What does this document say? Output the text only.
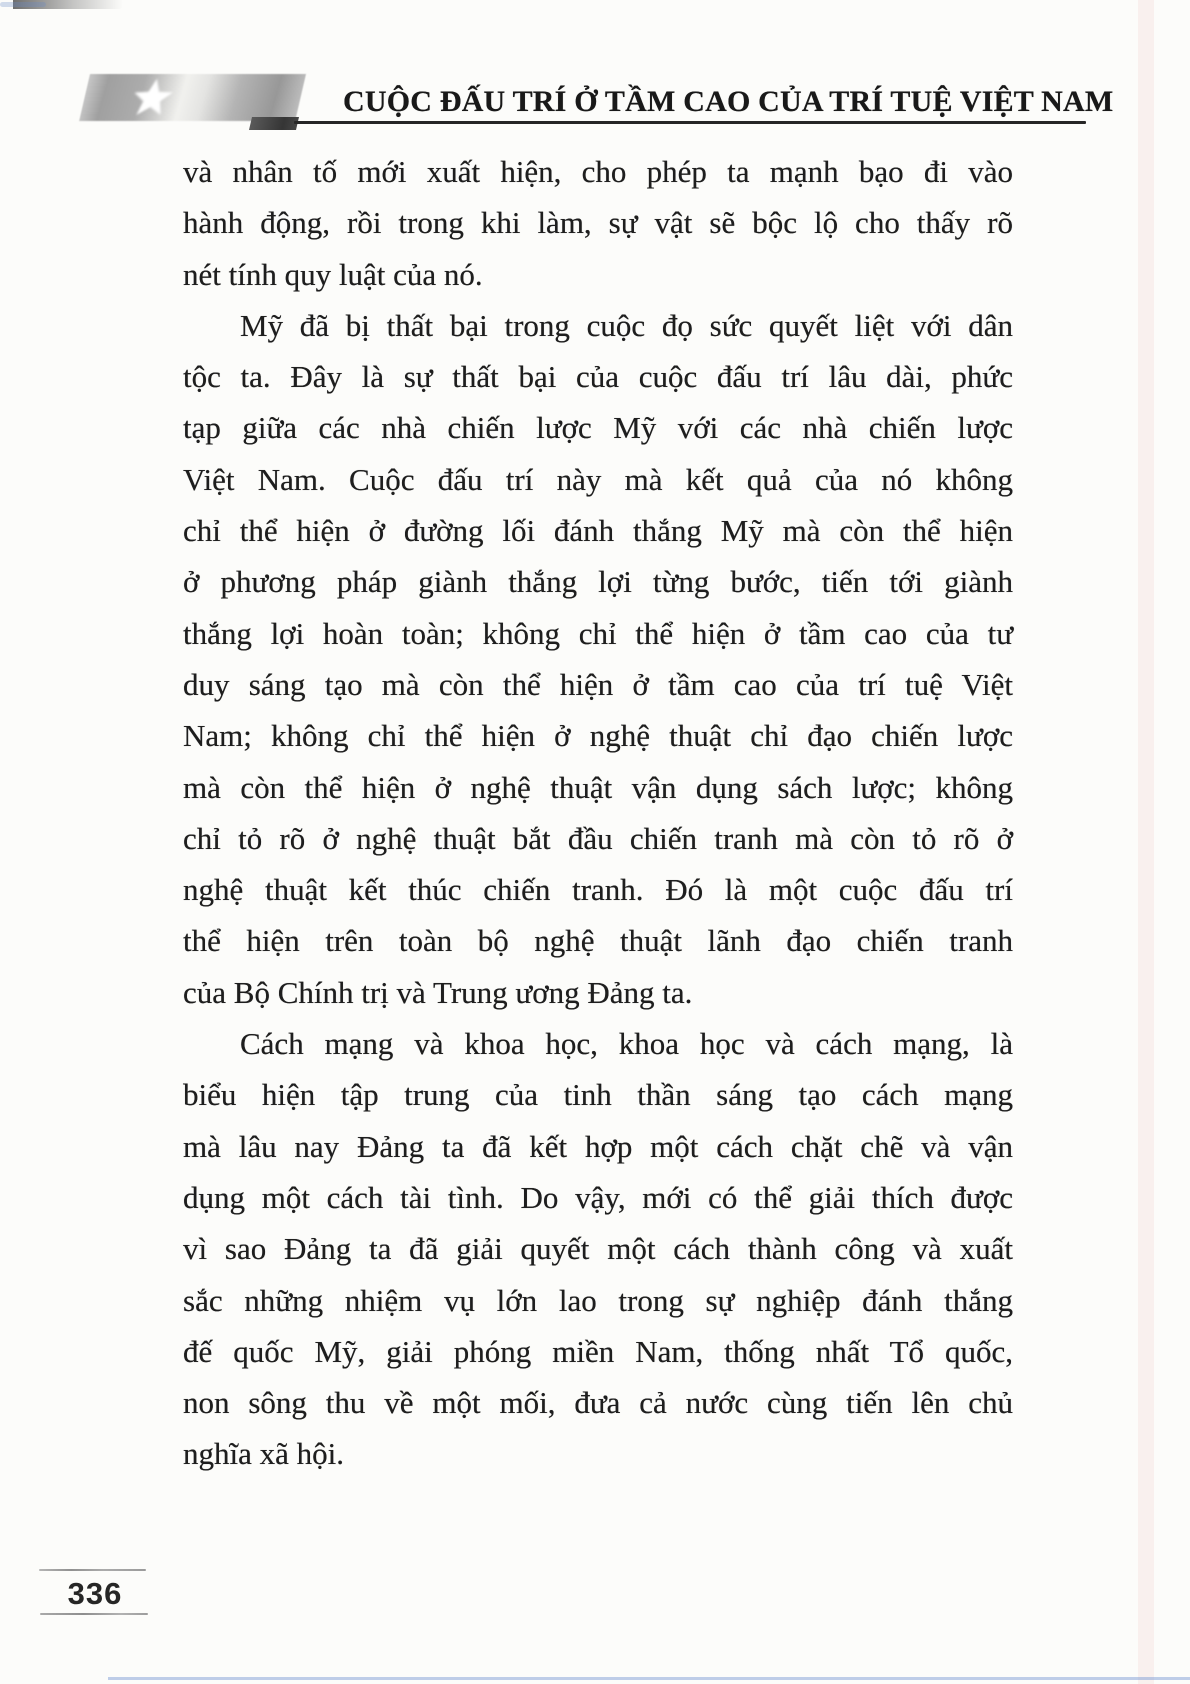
CUỘC ĐẤU TRÍ Ở TẦM CAO CỦA TRÍ TUỆ VIỆT NAM

và nhân tố mới xuất hiện, cho phép ta mạnh bạo đi vào
hành động, rồi trong khi làm, sự vật sẽ bộc lộ cho thấy rõ
nét tính quy luật của nó.

Mỹ đã bị thất bại trong cuộc đọ sức quyết liệt với dân
tộc ta. Đây là sự thất bại của cuộc đấu trí lâu dài, phức
tạp giữa các nhà chiến lược Mỹ với các nhà chiến lược
Việt Nam. Cuộc đấu trí này mà kết quả của nó không
chỉ thể hiện ở đường lối đánh thắng Mỹ mà còn thể hiện
ở phương pháp giành thắng lợi từng bước, tiến tới giành
thắng lợi hoàn toàn; không chỉ thể hiện ở tầm cao của tư
duy sáng tạo mà còn thể hiện ở tầm cao của trí tuệ Việt
Nam; không chỉ thể hiện ở nghệ thuật chỉ đạo chiến lược
mà còn thể hiện ở nghệ thuật vận dụng sách lược; không
chỉ tỏ rõ ở nghệ thuật bắt đầu chiến tranh mà còn tỏ rõ ở
nghệ thuật kết thúc chiến tranh. Đó là một cuộc đấu trí
thể hiện trên toàn bộ nghệ thuật lãnh đạo chiến tranh
của Bộ Chính trị và Trung ương Đảng ta.

Cách mạng và khoa học, khoa học và cách mạng, là
biểu hiện tập trung của tinh thần sáng tạo cách mạng
mà lâu nay Đảng ta đã kết hợp một cách chặt chẽ và vận
dụng một cách tài tình. Do vậy, mới có thể giải thích được
vì sao Đảng ta đã giải quyết một cách thành công và xuất
sắc những nhiệm vụ lớn lao trong sự nghiệp đánh thắng
đế quốc Mỹ, giải phóng miền Nam, thống nhất Tổ quốc,
non sông thu về một mối, đưa cả nước cùng tiến lên chủ
nghĩa xã hội.

336
